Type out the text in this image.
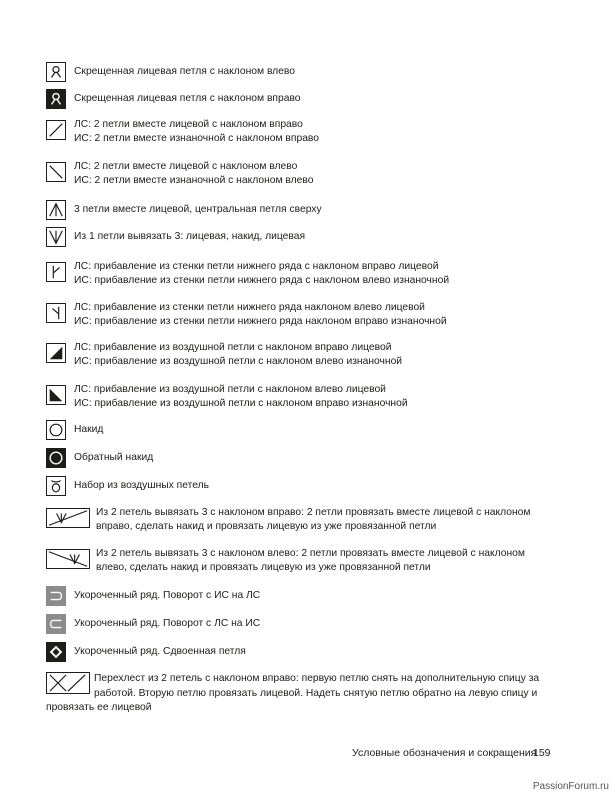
Скрещенная лицевая петля с наклоном влево
Скрещенная лицевая петля с наклоном вправо
ЛС: 2 петли вместе лицевой с наклоном вправо
ИС: 2 петли вместе изнаночной с наклоном вправо
ЛС: 2 петли вместе лицевой с наклоном влево
ИС: 2 петли вместе изнаночной с наклоном влево
3 петли вместе лицевой, центральная петля сверху
Из 1 петли вывязать 3: лицевая, накид, лицевая
ЛС: прибавление из стенки петли нижнего ряда с наклоном вправо лицевой
ИС: прибавление из стенки петли нижнего ряда с наклоном влево изнаночной
ЛС: прибавление из стенки петли нижнего ряда наклоном влево лицевой
ИС: прибавление из стенки петли нижнего ряда наклоном вправо изнаночной
ЛС: прибавление из воздушной петли с наклоном вправо лицевой
ИС: прибавление из воздушной петли с наклоном влево изнаночной
ЛС: прибавление из воздушной петли с наклоном влево лицевой
ИС: прибавление из воздушной петли с наклоном вправо изнаночной
Накид
Обратный накид
Набор из воздушных петель
Из 2 петель вывязать 3 с наклоном вправо: 2 петли провязать вместе лицевой с наклоном
вправо, сделать накид и провязать лицевую из уже провязанной петли
Из 2 петель вывязать 3 с наклоном влево: 2 петли провязать вместе лицевой с наклоном
влево, сделать накид и провязать лицевую из уже провязанной петли
Укороченный ряд. Поворот с ИС на ЛС
Укороченный ряд. Поворот с ЛС на ИС
Укороченный ряд. Сдвоенная петля
Перехлест из 2 петель с наклоном вправо: первую петлю снять на дополнительную спицу за работой. Вторую петлю провязать лицевой. Надеть снятую петлю обратно на левую спицу и провязать ее лицевой
Условные обозначения и сокращения
159
PassionForum.ru
